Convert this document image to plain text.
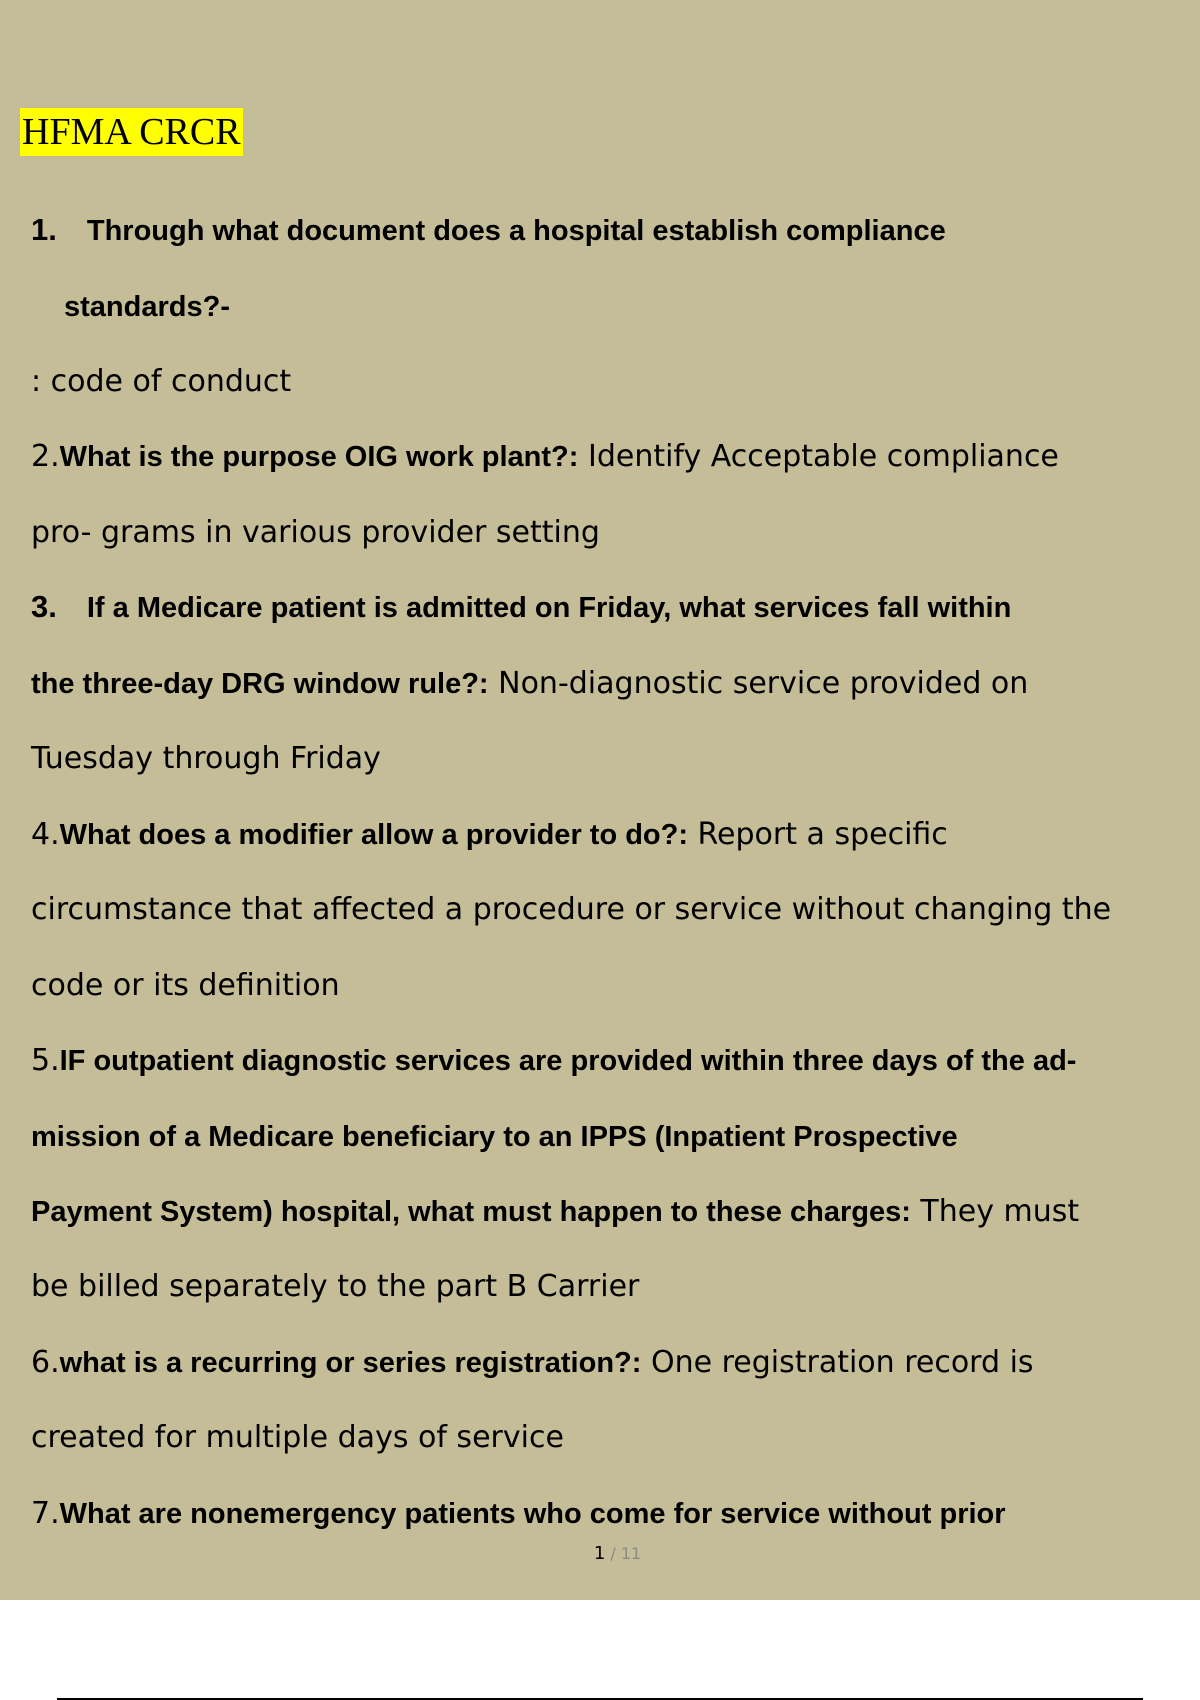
HFMA CRCR
1. Through what document does a hospital establish compliance
standards?-
: code of conduct
2.What is the purpose OIG work plant?: Identify Acceptable compliance
pro- grams in various provider setting
3. If a Medicare patient is admitted on Friday, what services fall within
the three-day DRG window rule?: Non-diagnostic service provided on
Tuesday through Friday
4.What does a modifier allow a provider to do?: Report a specific
circumstance that affected a procedure or service without changing the
code or its definition
5.IF outpatient diagnostic services are provided within three days of the ad-
mission of a Medicare beneficiary to an IPPS (Inpatient Prospective
Payment System) hospital, what must happen to these charges: They must
be billed separately to the part B Carrier
6.what is a recurring or series registration?: One registration record is
created for multiple days of service
7.What are nonemergency patients who come for service without prior
1 / 11
